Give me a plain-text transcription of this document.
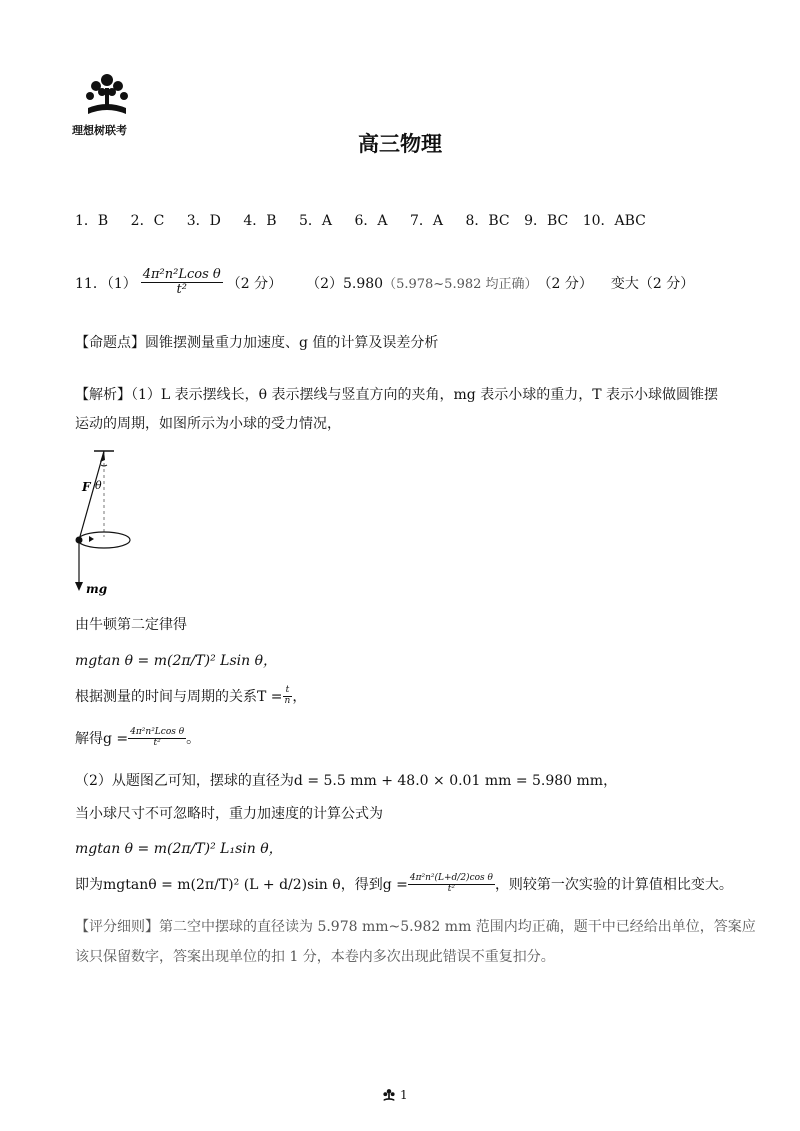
理想树联考
高三物理
1．B 2．C 3．D 4．B 5．A 6．A 7．A 8．BC 9．BC 10．ABC
11．$(1) \frac{\text{4π²n²Lcos θ}}{\text{t²}} (2$ 分） （2）5.980 （5.978~5.982 均正确） （2 分） 变大（2 分）
【命题点】圆锥摆测量重力加速度、g 值的计算及误差分析
【解析】（1）L 表示摆线长，θ 表示摆线与竖直方向的夹角，mg 表示小球的重力，T 表示小球做圆锥摆
运动的周期，如图所示为小球的受力情况，
F θ
mg
由牛顿第二定律得
mgtan θ = m(2π/T)² Lsin θ，
根据测量的时间与周期的关系$T = \frac{t}{n}$ ，
解得$g = \frac{\text{4π²n²Lcos θ}}{\text{t²}}$ 。
（2）从题图乙可知，摆球的直径为d = 5.5 mm + 48.0 × 0.01 mm = 5.980 mm，
当小球尺寸不可忽略时，重力加速度的计算公式为
mgtan θ = m(2π/T)² L₁sin θ，
即为mgtanθ = m(2π/T)² (L + d/2)sin θ，得到$g = \frac{\text{4π²n²(L+d/2)cos θ}}{\text{t²}}$ ，则较第一次实验的计算值相比变大。
【评分细则】第二空中摆球的直径读为 5.978 mm~5.982 mm 范围内均正确，题干中已经给出单位，答案应
该只保留数字，答案出现单位的扣 1 分，本卷内多次出现此错误不重复扣分。
1
